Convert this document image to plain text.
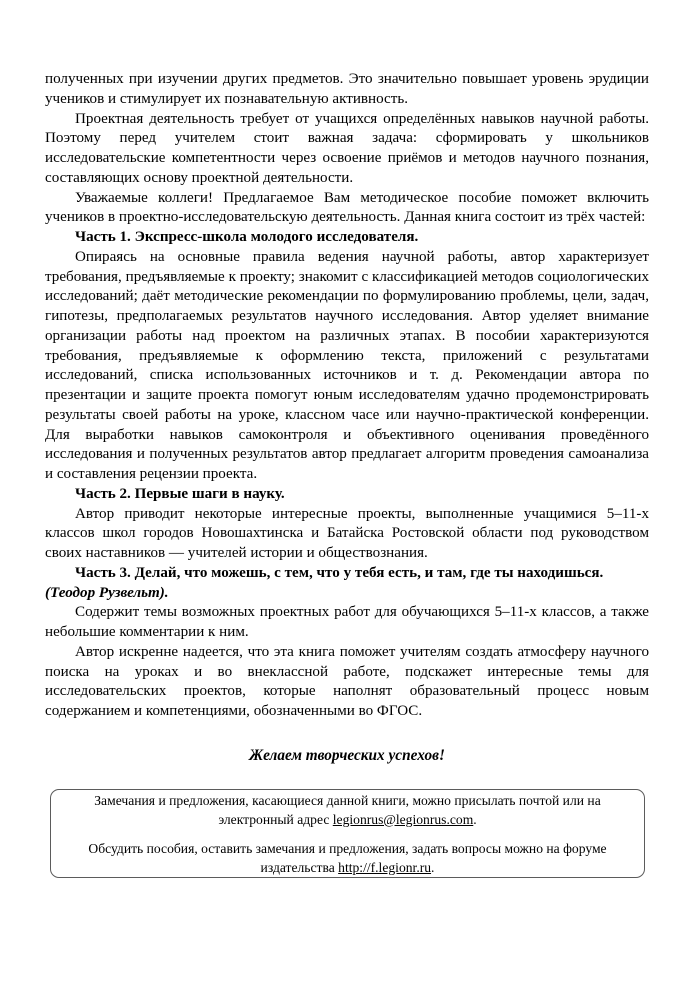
полученных при изучении других предметов. Это значительно повышает уровень эрудиции учеников и стимулирует их познавательную активность.

Проектная деятельность требует от учащихся определённых навыков научной работы. Поэтому перед учителем стоит важная задача: сформировать у школьников исследовательские компетентности через освоение приёмов и методов научного познания, составляющих основу проектной деятельности.

Уважаемые коллеги! Предлагаемое Вам методическое пособие поможет включить учеников в проектно-исследовательскую деятельность. Данная книга состоит из трёх частей:

Часть 1. Экспресс-школа молодого исследователя.

Опираясь на основные правила ведения научной работы, автор характеризует требования, предъявляемые к проекту; знакомит с классификацией методов социологических исследований; даёт методические рекомендации по формулированию проблемы, цели, задач, гипотезы, предполагаемых результатов научного исследования. Автор уделяет внимание организации работы над проектом на различных этапах. В пособии характеризуются требования, предъявляемые к оформлению текста, приложений с результатами исследований, списка использованных источников и т. д. Рекомендации автора по презентации и защите проекта помогут юным исследователям удачно продемонстрировать результаты своей работы на уроке, классном часе или научно-практической конференции. Для выработки навыков самоконтроля и объективного оценивания проведённого исследования и полученных результатов автор предлагает алгоритм проведения самоанализа и составления рецензии проекта.

Часть 2. Первые шаги в науку.

Автор приводит некоторые интересные проекты, выполненные учащимися 5–11-х классов школ городов Новошахтинска и Батайска Ростовской области под руководством своих наставников — учителей истории и обществознания.

Часть 3. Делай, что можешь, с тем, что у тебя есть, и там, где ты находишься.

(Теодор Рузвельт).

Содержит темы возможных проектных работ для обучающихся 5–11-х классов, а также небольшие комментарии к ним.

Автор искренне надеется, что эта книга поможет учителям создать атмосферу научного поиска на уроках и во внеклассной работе, подскажет интересные темы для исследовательских проектов, которые наполнят образовательный процесс новым содержанием и компетенциями, обозначенными во ФГОС.

Желаем творческих успехов!

Замечания и предложения, касающиеся данной книги, можно присылать почтой или на электронный адрес legionrus@legionrus.com.

Обсудить пособия, оставить замечания и предложения, задать вопросы можно на форуме издательства http://f.legionr.ru.
